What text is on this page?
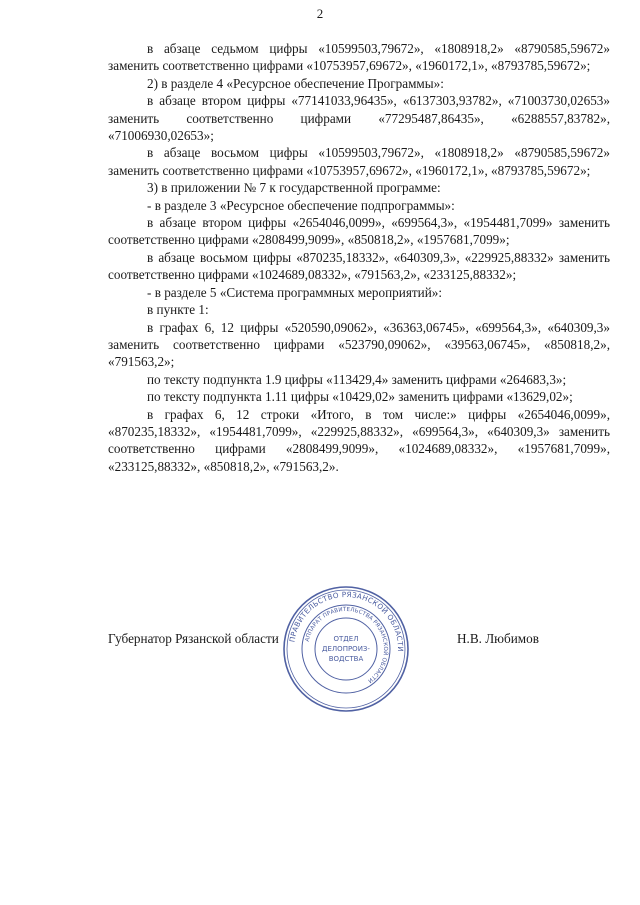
2

в абзаце седьмом цифры «10599503,79672», «1808918,2» «8790585,59672» заменить соответственно цифрами «10753957,69672», «1960172,1», «8793785,59672»;

2) в разделе 4 «Ресурсное обеспечение Программы»:

в абзаце втором цифры «77141033,96435», «6137303,93782», «71003730,02653» заменить соответственно цифрами «77295487,86435», «6288557,83782», «71006930,02653»;

в абзаце восьмом цифры «10599503,79672», «1808918,2» «8790585,59672» заменить соответственно цифрами «10753957,69672», «1960172,1», «8793785,59672»;

3) в приложении № 7 к государственной программе:

- в разделе 3 «Ресурсное обеспечение подпрограммы»:

в абзаце втором цифры «2654046,0099», «699564,3», «1954481,7099» заменить соответственно цифрами «2808499,9099», «850818,2», «1957681,7099»;

в абзаце восьмом цифры «870235,18332», «640309,3», «229925,88332» заменить соответственно цифрами «1024689,08332», «791563,2», «233125,88332»;

- в разделе 5 «Система программных мероприятий»:

в пункте 1:

в графах 6, 12 цифры «520590,09062», «36363,06745», «699564,3», «640309,3» заменить соответственно цифрами «523790,09062», «39563,06745», «850818,2», «791563,2»;

по тексту подпункта 1.9 цифры «113429,4» заменить цифрами «264683,3»;

по тексту подпункта 1.11 цифры «10429,02» заменить цифрами «13629,02»;

в графах 6, 12 строки «Итого, в том числе:» цифры «2654046,0099», «870235,18332», «1954481,7099», «229925,88332», «699564,3», «640309,3» заменить соответственно цифрами «2808499,9099», «1024689,08332», «1957681,7099», «233125,88332», «850818,2», «791563,2».

Губернатор Рязанской области	Н.В. Любимов
ПРАВИТЕЛЬСТВО РЯЗАНСКОЙ ОБЛАСТИ
АППАРАТ ПРАВИТЕЛЬСТВА РЯЗАНСКОЙ ОБЛАСТИ
ОТДЕЛ
ДЕЛОПРОИЗ-
ВОДСТВА
